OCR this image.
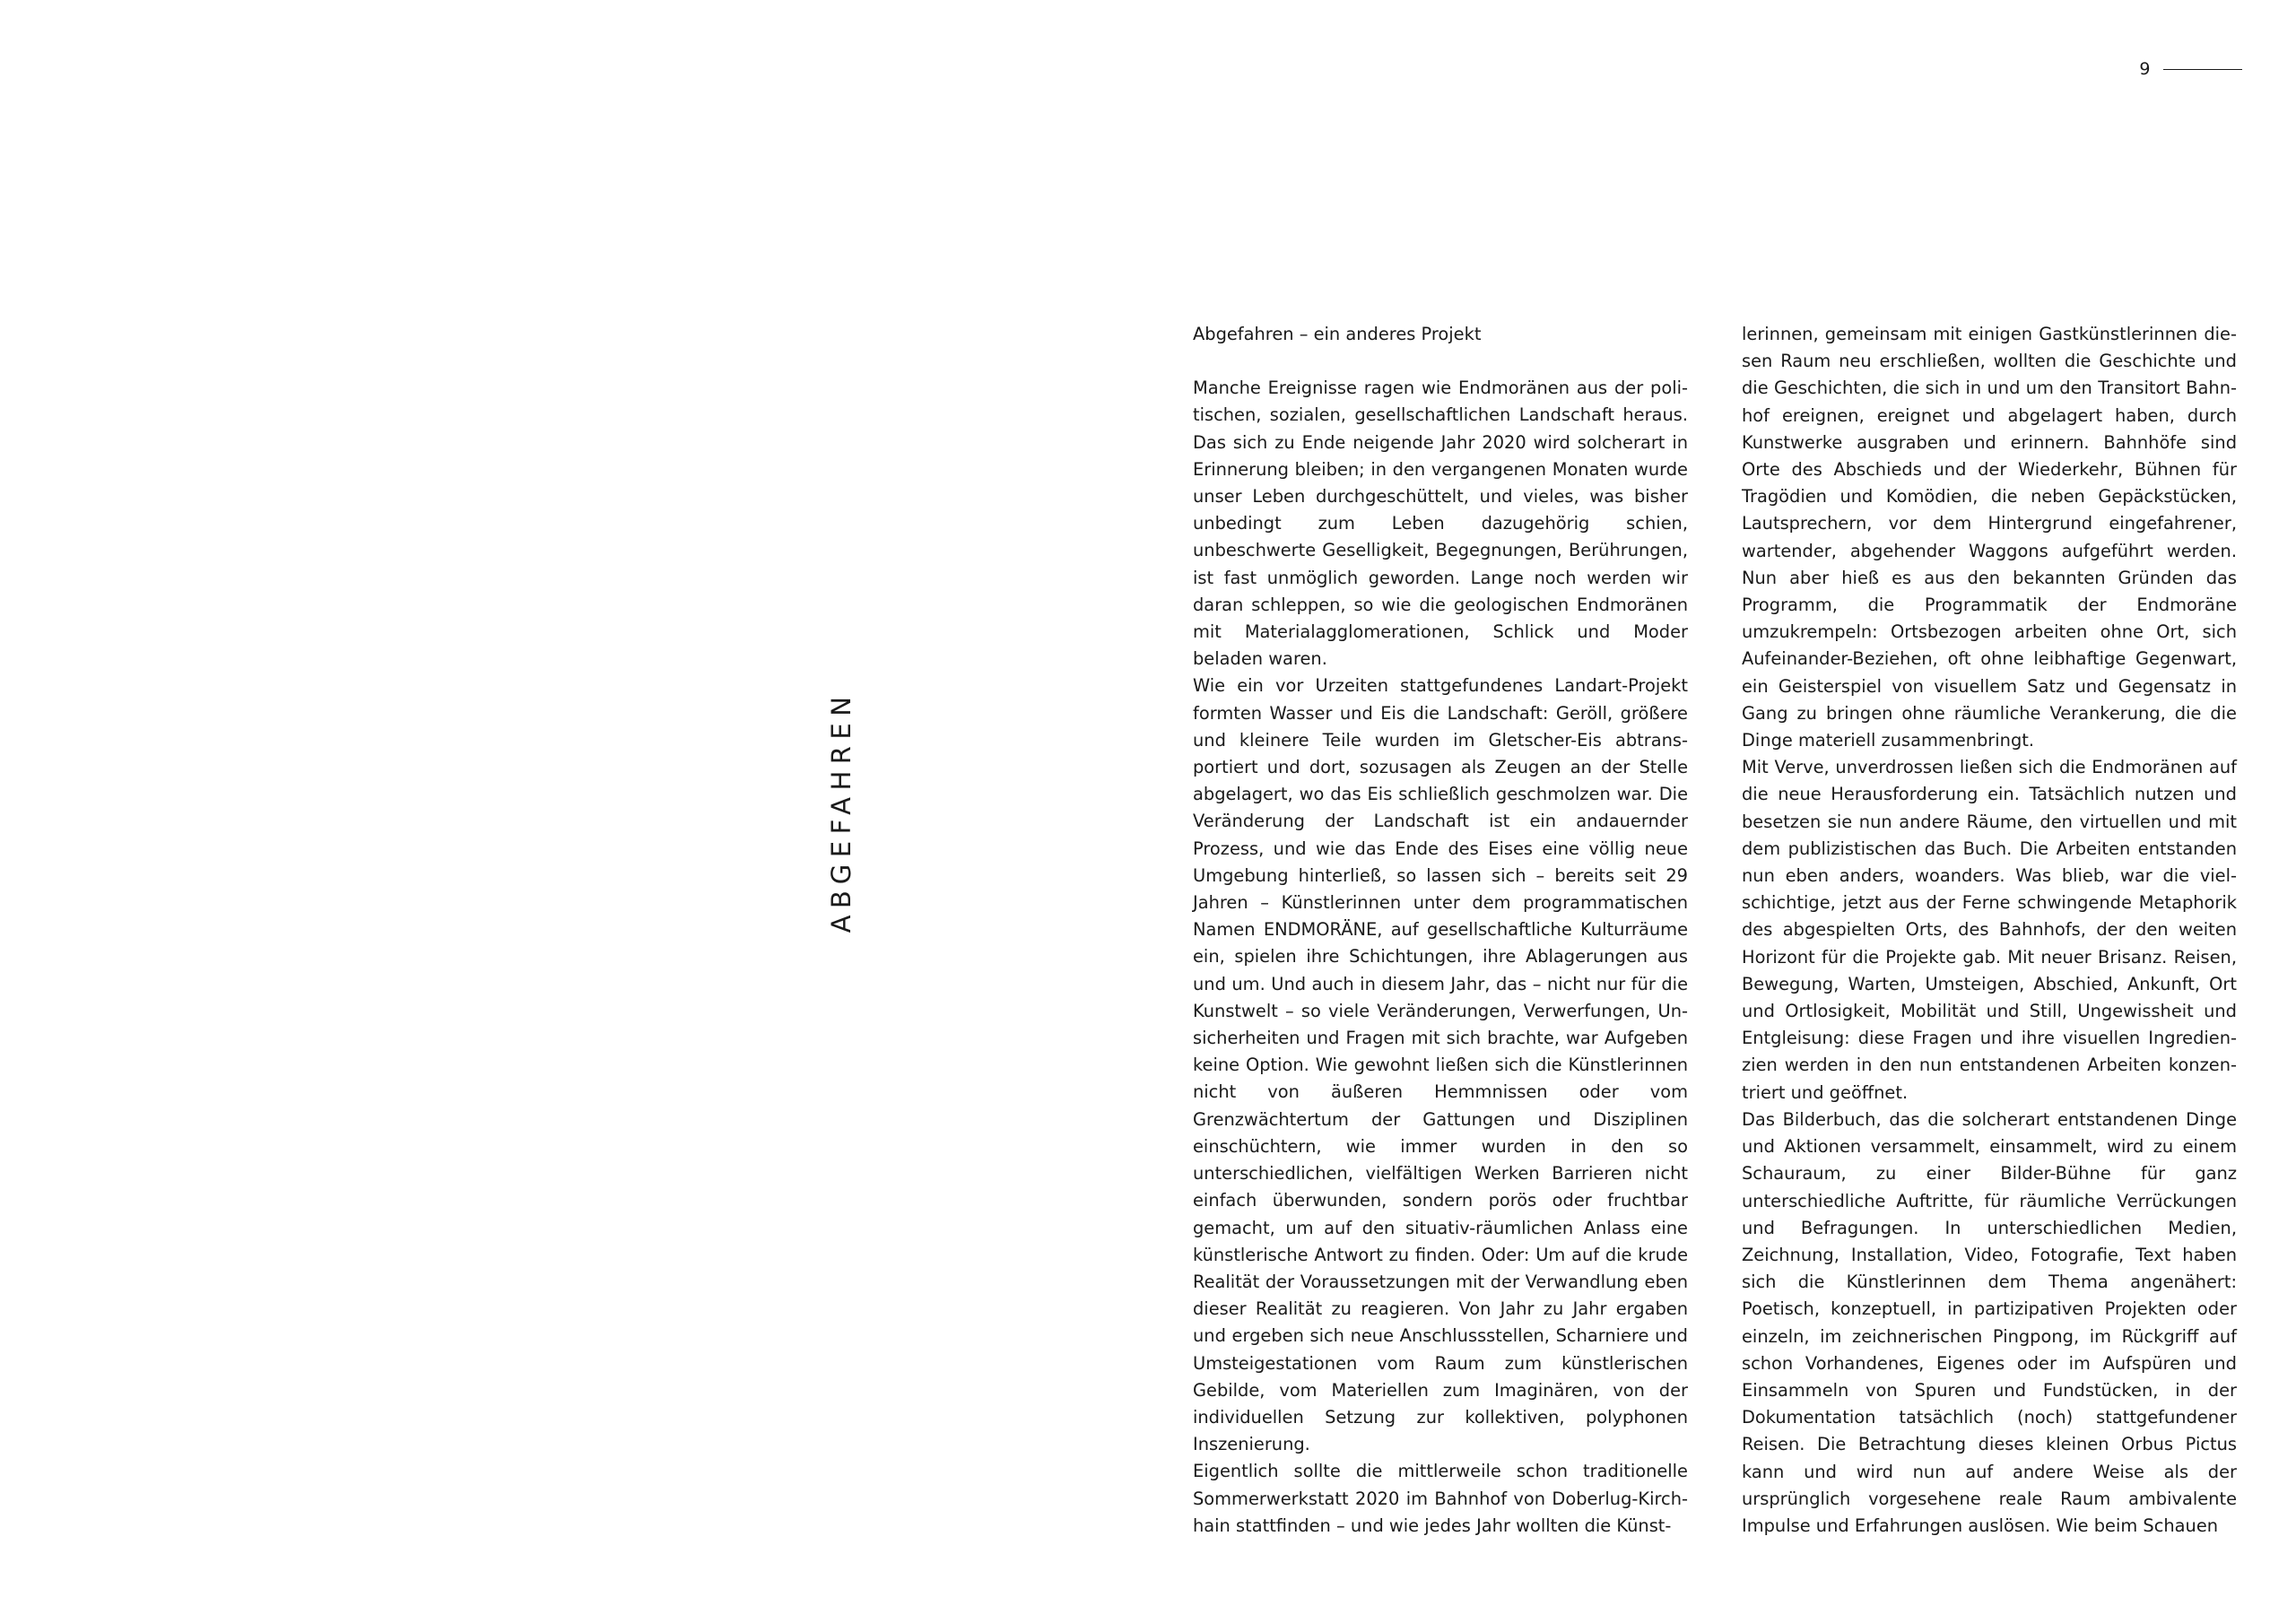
9
ABGEFAHREN

Abgefahren – ein anderes Projekt

Manche Ereignisse ragen wie Endmoränen aus der politischen, sozialen, gesellschaftlichen Landschaft heraus. Das sich zu Ende neigende Jahr 2020 wird solcherart in Erinnerung bleiben; in den vergangenen Monaten wurde unser Leben durchgeschüttelt, und vieles, was bisher unbedingt zum Leben dazugehörig schien, unbeschwerte Geselligkeit, Begegnungen, Berührungen, ist fast unmöglich geworden. Lange noch werden wir daran schleppen, so wie die geologischen Endmoränen mit Materialagglomerationen, Schlick und Moder beladen waren.

Wie ein vor Urzeiten stattgefundenes Landart-Projekt formten Wasser und Eis die Landschaft: Geröll, größere und kleinere Teile wurden im Gletscher-Eis abtransportiert und dort, sozusagen als Zeugen an der Stelle abgelagert, wo das Eis schließlich geschmolzen war. Die Veränderung der Landschaft ist ein andauernder Prozess, und wie das Ende des Eises eine völlig neue Umgebung hinterließ, so lassen sich – bereits seit 29 Jahren – Künstlerinnen unter dem programmatischen Namen ENDMORÄNE, auf gesellschaftliche Kulturräume ein, spielen ihre Schichtungen, ihre Ablagerungen aus und um. Und auch in diesem Jahr, das – nicht nur für die Kunstwelt – so viele Veränderungen, Verwerfungen, Unsicherheiten und Fragen mit sich brachte, war Aufgeben keine Option. Wie gewohnt ließen sich die Künstlerinnen nicht von äußeren Hemmnissen oder vom Grenzwächtertum der Gattungen und Disziplinen einschüchtern, wie immer wurden in den so unterschiedlichen, vielfältigen Werken Barrieren nicht einfach überwunden, sondern porös oder fruchtbar gemacht, um auf den situativ-räumlichen Anlass eine künstlerische Antwort zu finden. Oder: Um auf die krude Realität der Voraussetzungen mit der Verwandlung eben dieser Realität zu reagieren. Von Jahr zu Jahr ergaben und ergeben sich neue Anschlussstellen, Scharniere und Umsteigestationen vom Raum zum künstlerischen Gebilde, vom Materiellen zum Imaginären, von der individuellen Setzung zur kollektiven, polyphonen Inszenierung.

Eigentlich sollte die mittlerweile schon traditionelle Sommerwerkstatt 2020 im Bahnhof von Doberlug-Kirchhain stattfinden – und wie jedes Jahr wollten die Künst-

lerinnen, gemeinsam mit einigen Gastkünstlerinnen diesen Raum neu erschließen, wollten die Geschichte und die Geschichten, die sich in und um den Transitort Bahnhof ereignen, ereignet und abgelagert haben, durch Kunstwerke ausgraben und erinnern. Bahnhöfe sind Orte des Abschieds und der Wiederkehr, Bühnen für Tragödien und Komödien, die neben Gepäckstücken, Lautsprechern, vor dem Hintergrund eingefahrener, wartender, abgehender Waggons aufgeführt werden. Nun aber hieß es aus den bekannten Gründen das Programm, die Programmatik der Endmoräne umzukrempeln: Ortsbezogen arbeiten ohne Ort, sich Aufeinander-Beziehen, oft ohne leibhaftige Gegenwart, ein Geisterspiel von visuellem Satz und Gegensatz in Gang zu bringen ohne räumliche Verankerung, die die Dinge materiell zusammenbringt.

Mit Verve, unverdrossen ließen sich die Endmoränen auf die neue Herausforderung ein. Tatsächlich nutzen und besetzen sie nun andere Räume, den virtuellen und mit dem publizistischen das Buch. Die Arbeiten entstanden nun eben anders, woanders. Was blieb, war die vielschichtige, jetzt aus der Ferne schwingende Metaphorik des abgespielten Orts, des Bahnhofs, der den weiten Horizont für die Projekte gab. Mit neuer Brisanz. Reisen, Bewegung, Warten, Umsteigen, Abschied, Ankunft, Ort und Ortlosigkeit, Mobilität und Still, Ungewissheit und Entgleisung: diese Fragen und ihre visuellen Ingredienzien werden in den nun entstandenen Arbeiten konzentriert und geöffnet.

Das Bilderbuch, das die solcherart entstandenen Dinge und Aktionen versammelt, einsammelt, wird zu einem Schauraum, zu einer Bilder-Bühne für ganz unterschiedliche Auftritte, für räumliche Verrückungen und Befragungen. In unterschiedlichen Medien, Zeichnung, Installation, Video, Fotografie, Text haben sich die Künstlerinnen dem Thema angenähert: Poetisch, konzeptuell, in partizipativen Projekten oder einzeln, im zeichnerischen Pingpong, im Rückgriff auf schon Vorhandenes, Eigenes oder im Aufspüren und Einsammeln von Spuren und Fundstücken, in der Dokumentation tatsächlich (noch) stattgefundener Reisen. Die Betrachtung dieses kleinen Orbus Pictus kann und wird nun auf andere Weise als der ursprünglich vorgesehene reale Raum ambivalente Impulse und Erfahrungen auslösen. Wie beim Schauen
